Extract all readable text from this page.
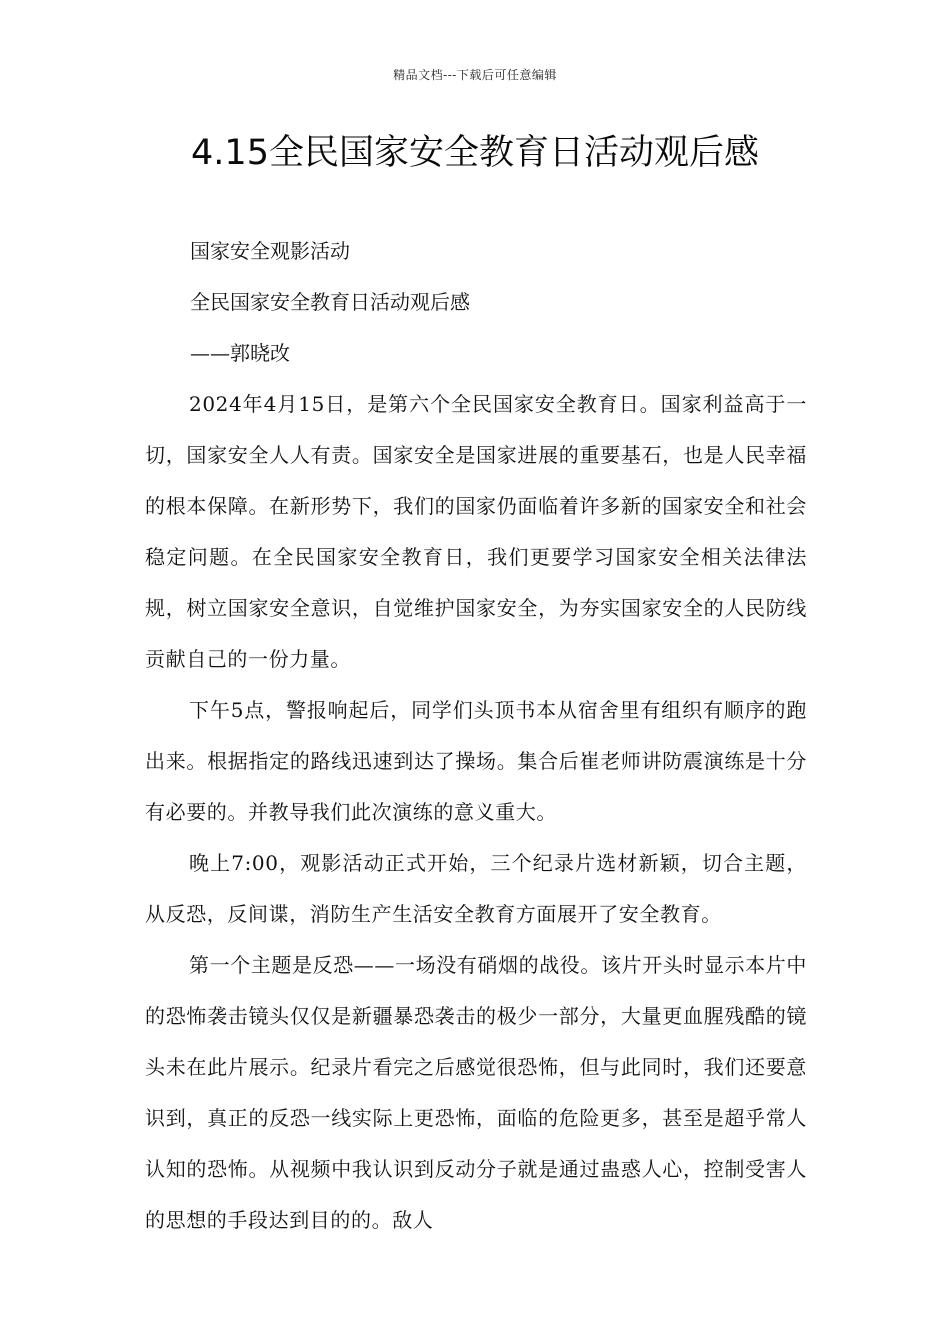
精品文档---下载后可任意编辑
4.15全民国家安全教育日活动观后感

国家安全观影活动

全民国家安全教育日活动观后感

——郭晓改

2024年4月15日，是第六个全民国家安全教育日。国家利益高于一切，国家安全人人有责。国家安全是国家进展的重要基石，也是人民幸福的根本保障。在新形势下，我们的国家仍面临着许多新的国家安全和社会稳定问题。在全民国家安全教育日，我们更要学习国家安全相关法律法规，树立国家安全意识，自觉维护国家安全，为夯实国家安全的人民防线贡献自己的一份力量。

下午5点，警报响起后，同学们头顶书本从宿舍里有组织有顺序的跑出来。根据指定的路线迅速到达了操场。集合后崔老师讲防震演练是十分有必要的。并教导我们此次演练的意义重大。

晚上7:00，观影活动正式开始，三个纪录片选材新颖，切合主题，从反恐，反间谍，消防生产生活安全教育方面展开了安全教育。

第一个主题是反恐——一场没有硝烟的战役。该片开头时显示本片中的恐怖袭击镜头仅仅是新疆暴恐袭击的极少一部分，大量更血腥残酷的镜头未在此片展示。纪录片看完之后感觉很恐怖，但与此同时，我们还要意识到，真正的反恐一线实际上更恐怖，面临的危险更多，甚至是超乎常人认知的恐怖。从视频中我认识到反动分子就是通过蛊惑人心，控制受害人的思想的手段达到目的的。敌人
